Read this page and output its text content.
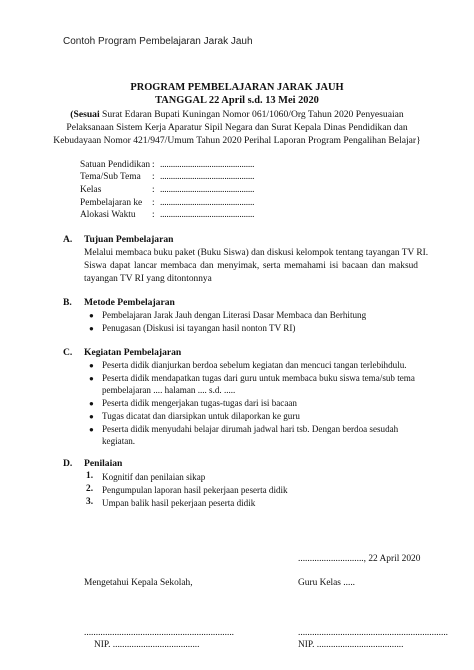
Contoh Program Pembelajaran Jarak Jauh
PROGRAM PEMBELAJARAN JARAK JAUH
TANGGAL 22 April s.d. 13 Mei 2020
(Sesuai Surat Edaran Bupati Kuningan Nomor 061/1060/Org Tahun 2020 Penyesuaian
Pelaksanaan Sistem Kerja Aparatur Sipil Negara dan Surat Kepala Dinas Pendidikan dan
Kebudayaan Nomor 421/947/Umum Tahun 2020 Perihal Laporan Program Pengalihan Belajar}
Satuan Pendidikan : ............................................
Tema/Sub Tema : ............................................
Kelas	: ............................................
Pembelajaran ke : ............................................
Alokasi Waktu : ............................................
A. Tujuan Pembelajaran
Melalui membaca buku paket (Buku Siswa) dan diskusi kelompok tentang tayangan TV RI.
Siswa dapat lancar membaca dan menyimak, serta memahami isi bacaan dan maksud
tayangan TV RI yang ditontonnya
B. Metode Pembelajaran
● Pembelajaran Jarak Jauh dengan Literasi Dasar Membaca dan Berhitung
● Penugasan (Diskusi isi tayangan hasil nonton TV RI)
C. Kegiatan Pembelajaran
● Peserta didik dianjurkan berdoa sebelum kegiatan dan mencuci tangan terlebihdulu.
● Peserta didik mendapatkan tugas dari guru untuk membaca buku siswa tema/sub tema
pembelajaran .... halaman .... s.d. .....
● Peserta didik mengerjakan tugas-tugas dari isi bacaan
● Tugas dicatat dan diarsipkan untuk dilaporkan ke guru
● Peserta didik menyudahi belajar dirumah jadwal hari tsb. Dengan berdoa sesudah
kegiatan.
D. Penilaian
1. Kognitif dan penilaian sikap
2. Pengumpulan laporan hasil pekerjaan peserta didik
3. Umpan balik hasil pekerjaan peserta didik
............................, 22 April 2020
Mengetahui Kepala Sekolah,	Guru Kelas .....
................................................................	................................................................
NIP. .....................................	NIP. .....................................
